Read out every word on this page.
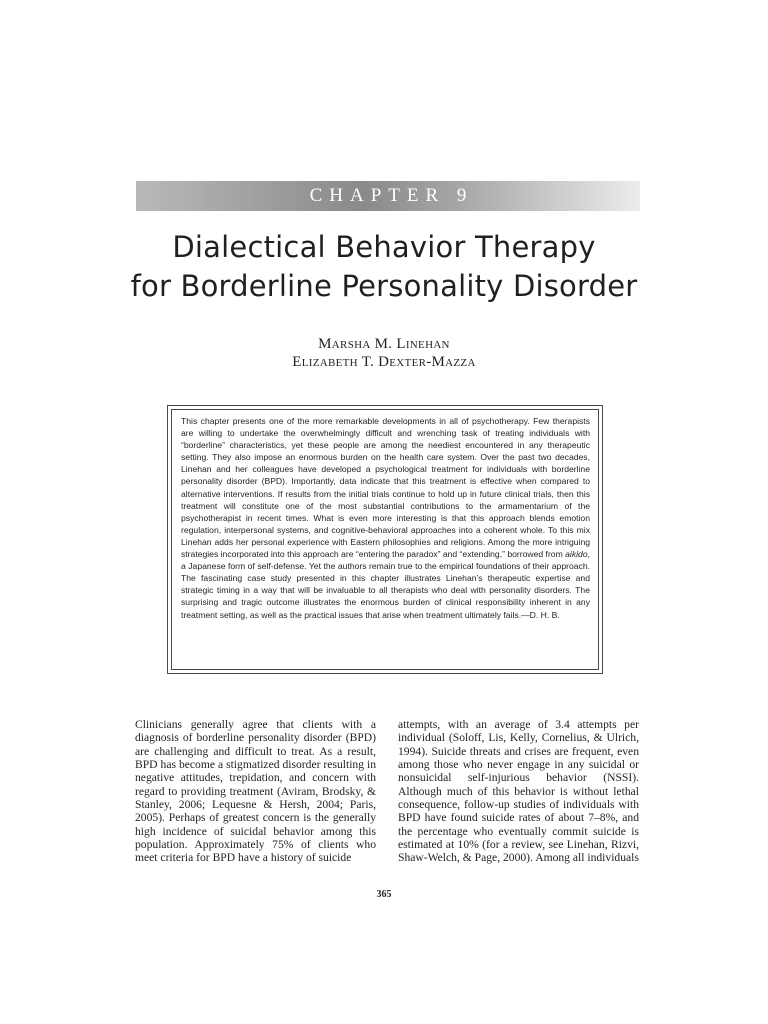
CHAPTER 9
Dialectical Behavior Therapy
for Borderline Personality Disorder
Marsha M. Linehan
Elizabeth T. Dexter-Mazza

This chapter presents one of the more remarkable developments in all of psychotherapy. Few therapists are willing to undertake the overwhelmingly difficult and wrenching task of treating individuals with “borderline” characteristics, yet these people are among the neediest encountered in any therapeutic setting. They also impose an enormous burden on the health care system. Over the past two decades, Linehan and her colleagues have developed a psychological treatment for individuals with borderline personality disorder (BPD). Importantly, data indicate that this treatment is effective when compared to alternative interventions. If results from the initial trials continue to hold up in future clinical trials, then this treatment will constitute one of the most substantial contributions to the armamentarium of the psychotherapist in recent times. What is even more interesting is that this approach blends emotion regulation, interpersonal systems, and cognitive-behavioral approaches into a coherent whole. To this mix Linehan adds her personal experience with Eastern philosophies and religions. Among the more intriguing strategies incorporated into this approach are “entering the paradox” and “extending,” borrowed from aikido, a Japanese form of self-defense. Yet the authors remain true to the empirical foundations of their approach. The fascinating case study presented in this chapter illustrates Linehan’s therapeutic expertise and strategic timing in a way that will be invaluable to all therapists who deal with personality disorders. The surprising and tragic outcome illustrates the enormous burden of clinical responsibility inherent in any treatment setting, as well as the practical issues that arise when treatment ultimately fails.—D. H. B.

Clinicians generally agree that clients with a diagnosis of borderline personality disorder (BPD) are challenging and difficult to treat. As a result, BPD has become a stigmatized disorder resulting in negative attitudes, trepidation, and concern with regard to providing treatment (Aviram, Brodsky, & Stanley, 2006; Lequesne & Hersh, 2004; Paris, 2005). Perhaps of greatest concern is the generally high incidence of suicidal behavior among this population. Approximately 75% of clients who meet criteria for BPD have a history of suicide

attempts, with an average of 3.4 attempts per individual (Soloff, Lis, Kelly, Cornelius, & Ulrich, 1994). Suicide threats and crises are frequent, even among those who never engage in any suicidal or nonsuicidal self-injurious behavior (NSSI). Although much of this behavior is without lethal consequence, follow-up studies of individuals with BPD have found suicide rates of about 7–8%, and the percentage who eventually commit suicide is estimated at 10% (for a review, see Linehan, Rizvi, Shaw-Welch, & Page, 2000). Among all individuals

365
